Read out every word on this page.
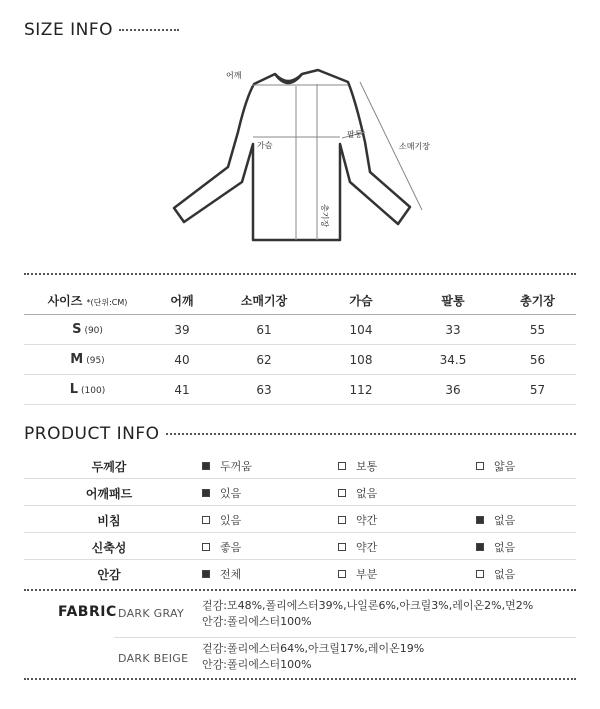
SIZE INFO
어깨
가슴
팔통
소매기장
총기장
사이즈 *(단위:CM)	어깨	소매기장	가슴	팔통	총기장
S (90)	39	61	104	33	55
M (95)	40	62	108	34.5	56
L (100)	41	63	112	36	57
PRODUCT INFO
두께감	두꺼움	보통	얇음
어깨패드	있음	없음
비침	있음	약간	없음
신축성	좋음	약간	없음
안감	전체	부분	없음
FABRIC DARK GRAY
겉감:모48%,폴리에스터39%,나일론6%,아크릴3%,레이온2%,면2%
안감:폴리에스터100%
DARK BEIGE
겉감:폴리에스터64%,아크릴17%,레이온19%
안감:폴리에스터100%
